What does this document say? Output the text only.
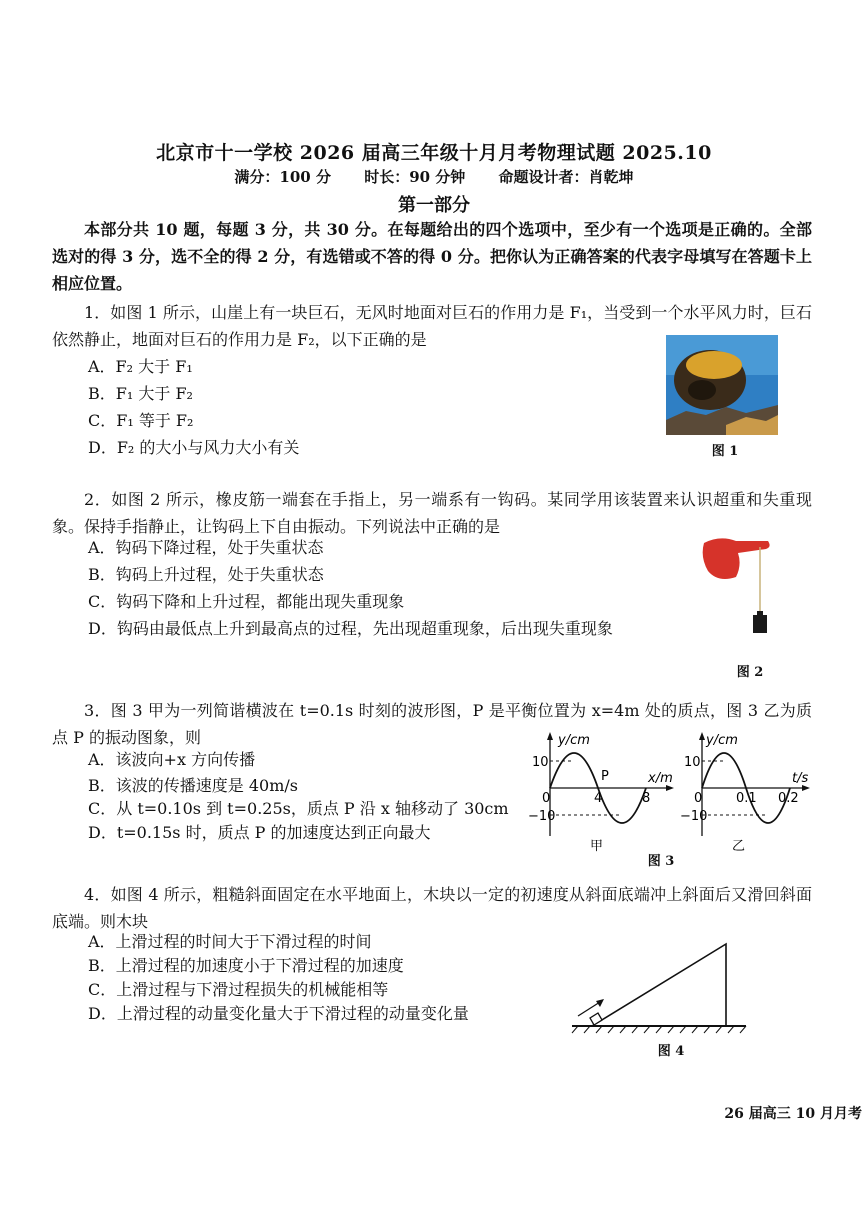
北京市十一学校 2026 届高三年级十月月考物理试题 2025.10
满分：100 分 时长：90 分钟 命题设计者：肖乾坤
第一部分
本部分共 10 题，每题 3 分，共 30 分。在每题给出的四个选项中，至少有一个选项是正确的。全部选对的得 3 分，选不全的得 2 分，有选错或不答的得 0 分。把你认为正确答案的代表字母填写在答题卡上相应位置。
1．如图 1 所示，山崖上有一块巨石，无风时地面对巨石的作用力是 F₁，当受到一个水平风力时，巨石依然静止，地面对巨石的作用力是 F₂，以下正确的是
A．F₂ 大于 F₁
B．F₁ 大于 F₂
C．F₁ 等于 F₂
D．F₂ 的大小与风力大小有关	图 1
2．如图 2 所示，橡皮筋一端套在手指上，另一端系有一钩码。某同学用该装置来认识超重和失重现象。保持手指静止，让钩码上下自由振动。下列说法中正确的是
A．钩码下降过程，处于失重状态
B．钩码上升过程，处于失重状态
C．钩码下降和上升过程，都能出现失重现象
D．钩码由最低点上升到最高点的过程，先出现超重现象，后出现失重现象
图 2
3．图 3 甲为一列简谐横波在 t=0.1s 时刻的波形图，P 是平衡位置为 x=4m 处的质点，图 3 乙为质点 P 的振动图象，则
A．该波向+x 方向传播
B．该波的传播速度是 40m/s
C．从 t=0.10s 到 t=0.25s，质点 P 沿 x 轴移动了 30cm
D．t=0.15s 时，质点 P 的加速度达到正向最大
y/cm
x/m
10
−10
0	4	8
P
甲
y/cm
t/s
10
−10
0	0.1 0.2
乙
图 3
4．如图 4 所示，粗糙斜面固定在水平地面上，木块以一定的初速度从斜面底端冲上斜面后又滑回斜面底端。则木块
A．上滑过程的时间大于下滑过程的时间
B．上滑过程的加速度小于下滑过程的加速度
C．上滑过程与下滑过程损失的机械能相等
D．上滑过程的动量变化量大于下滑过程的动量变化量
图 4
26 届高三 10 月月考
